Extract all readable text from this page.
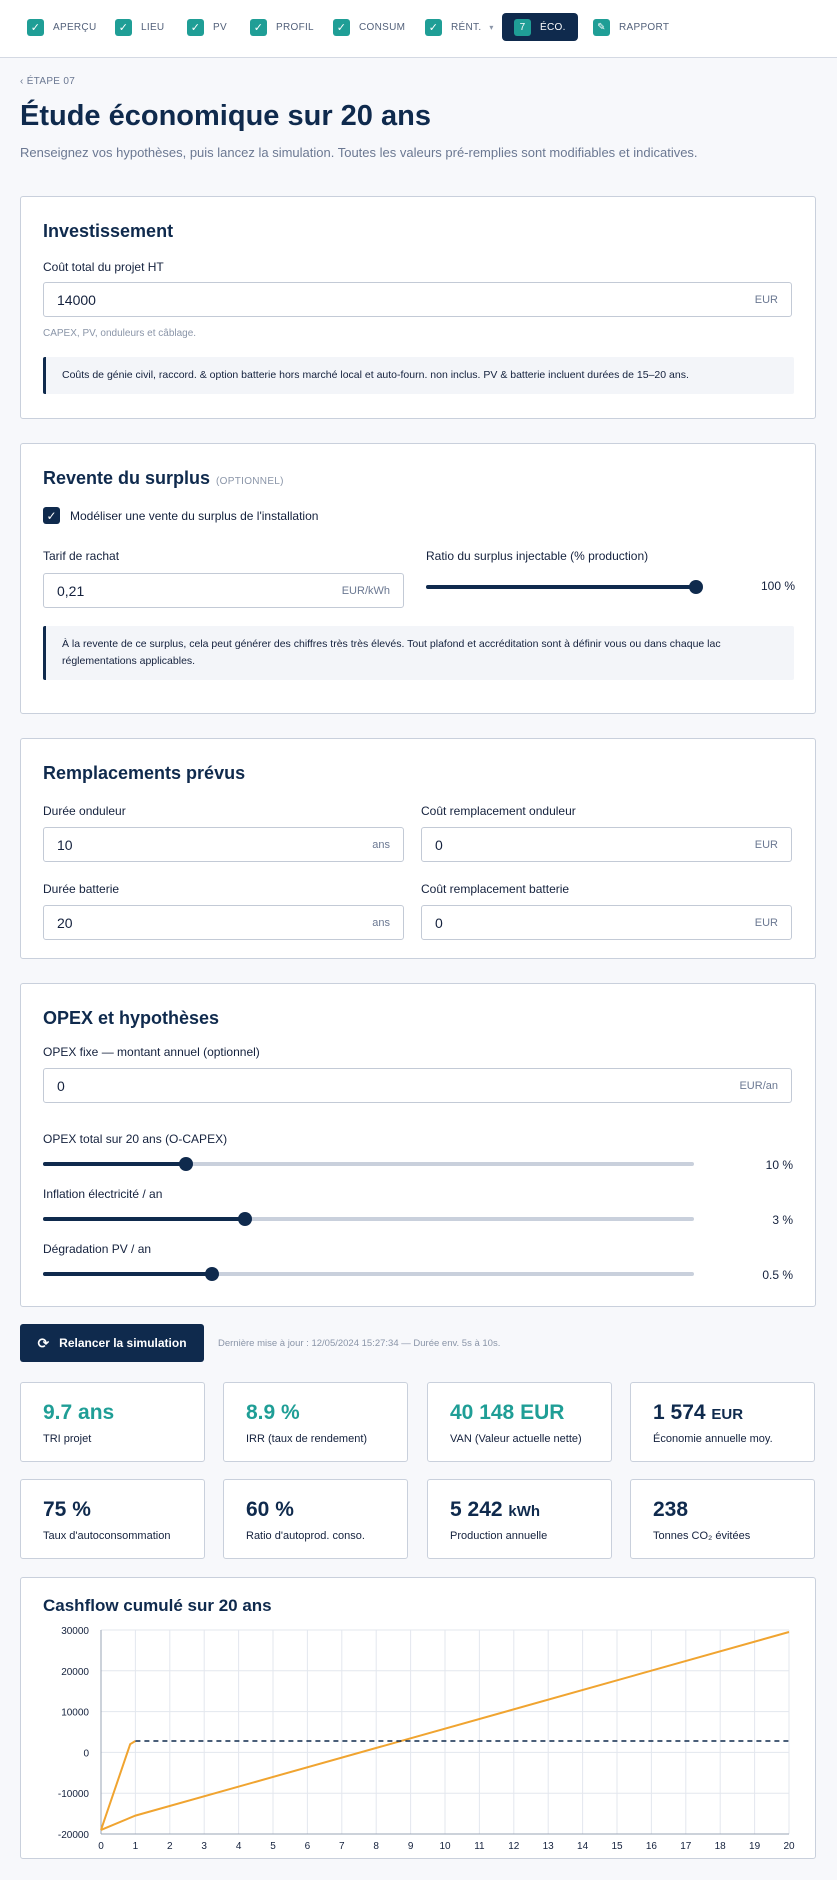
✓	APERÇU	✓	LIEU	✓	PV	✓	PROFIL	✓	CONSUM	✓	RÉNT. ▾	7	ÉCO.	✎	RAPPORT
‹ ÉTAPE 07
Étude économique sur 20 ans
Renseignez vos hypothèses, puis lancez la simulation. Toutes les valeurs pré-remplies sont modifiables et indicatives.
Investissement
Coût total du projet HT
14000	EUR
CAPEX, PV, onduleurs et câblage.
Coûts de génie civil, raccord. & option batterie hors marché local et auto-fourn. non inclus. PV & batterie incluent durées de 15–20 ans.
Revente du surplus (OPTIONNEL)
✓ Modéliser une vente du surplus de l'installation
Tarif de rachat
0,21	EUR/kWh
Ratio du surplus injectable (% production)
100 %
À la revente de ce surplus, cela peut générer des chiffres très très élevés. Tout plafond et accréditation sont à définir vous ou dans chaque lac réglementations applicables.
Remplacements prévus
Durée onduleur
10	ans
Coût remplacement onduleur
0	EUR
Durée batterie
20	ans
Coût remplacement batterie
0	EUR
OPEX et hypothèses
OPEX fixe — montant annuel (optionnel)
0	EUR/an
OPEX total sur 20 ans (O-CAPEX)
10 %
Inflation électricité / an
3 %
Dégradation PV / an
0.5 %
⟳ Relancer la simulation	Dernière mise à jour : 12/05/2024 15:27:34 — Durée env. 5s à 10s.
9.7 ans
TRI projet
8.9 %
IRR (taux de rendement)
40 148 EUR
VAN (Valeur actuelle nette)
1 574 EUR
Économie annuelle moy.
75 %
Taux d'autoconsommation
60 %
Ratio d'autoprod. conso.
5 242 kWh
Production annuelle
238
Tonnes CO₂ évitées
Cashflow cumulé sur 20 ans
0	1	2	3	4	5	6	7	8	9	10 11 12 13 14 15 16 17 18 19 20
30000
20000
10000
0
-10000
-20000
